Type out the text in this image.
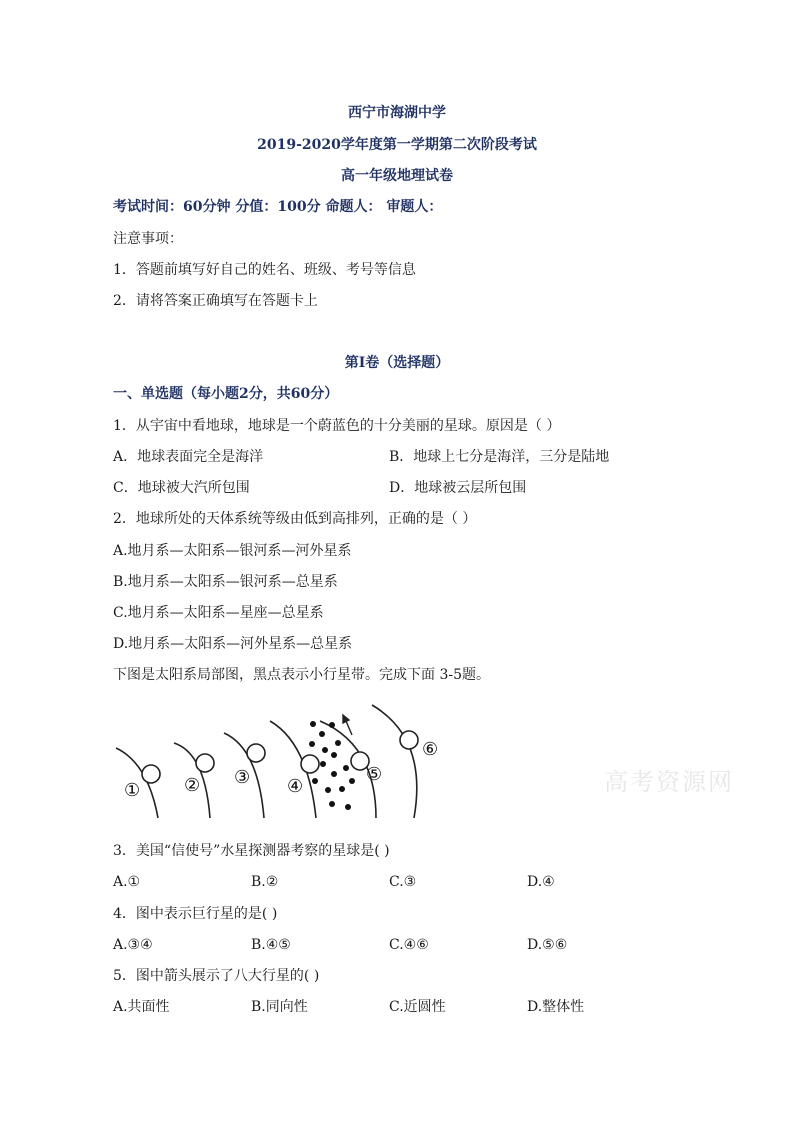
西宁市海湖中学
2019-2020学年度第一学期第二次阶段考试
高一年级地理试卷
考试时间：60分钟 分值：100分 命题人： 审题人：
注意事项：
1．答题前填写好自己的姓名、班级、考号等信息
2．请将答案正确填写在答题卡上
第I卷（选择题）
一、单选题（每小题2分，共60分）
1．从宇宙中看地球，地球是一个蔚蓝色的十分美丽的星球。原因是（ ）
A．地球表面完全是海洋	B．地球上七分是海洋，三分是陆地
C．地球被大汽所包围	D．地球被云层所包围
2．地球所处的天体系统等级由低到高排列，正确的是（ ）
A.地月系—太阳系—银河系—河外星系
B.地月系—太阳系—银河系—总星系
C.地月系—太阳系—星座—总星系
D.地月系—太阳系—河外星系—总星系
下图是太阳系局部图，黑点表示小行星带。完成下面 3-5题。
① ② ③ ④
⑤
⑥
高考资源网
3．美国“信使号”水星探测器考察的星球是( )
A.①	B.②	C.③	D.④
4．图中表示巨行星的是( )
A.③④	B.④⑤	C.④⑥	D.⑤⑥
5．图中箭头展示了八大行星的( )
A.共面性	B.同向性	C.近圆性	D.整体性
